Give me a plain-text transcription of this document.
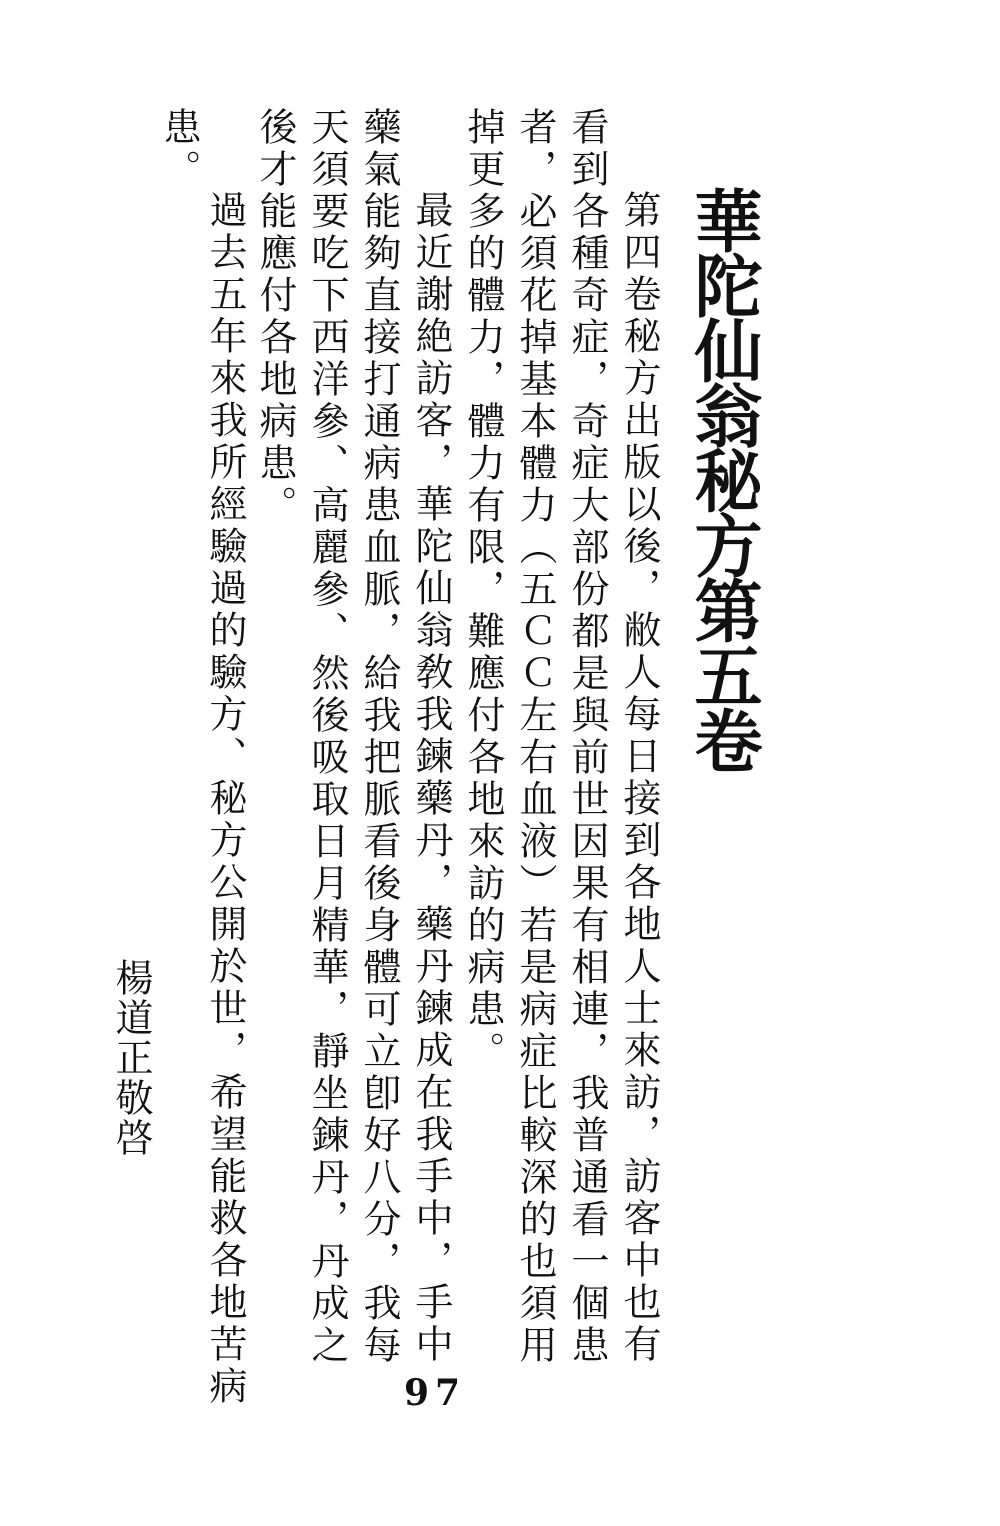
華陀仙翁秘方第五卷

第四卷秘方出版以後，敝人每日接到各地人士來訪，訪客中也有

看到各種奇症，奇症大部份都是與前世因果有相連，我普通看一個患

者，必須花掉基本體力（五ＣＣ左右血液）若是病症比較深的也須用

掉更多的體力，體力有限，難應付各地來訪的病患。

最近謝絶訪客，華陀仙翁敎我鍊藥丹，藥丹鍊成在我手中，手中

藥氣能夠直接打通病患血脈，給我把脈看後身體可立卽好八分，我每

天須要吃下西洋參、高麗參、然後吸取日月精華，靜坐鍊丹，丹成之

後才能應付各地病患。

患。

過去五年來我所經驗過的驗方、秘方公開於世，希望能救各地苦病

楊道正敬啓
97
